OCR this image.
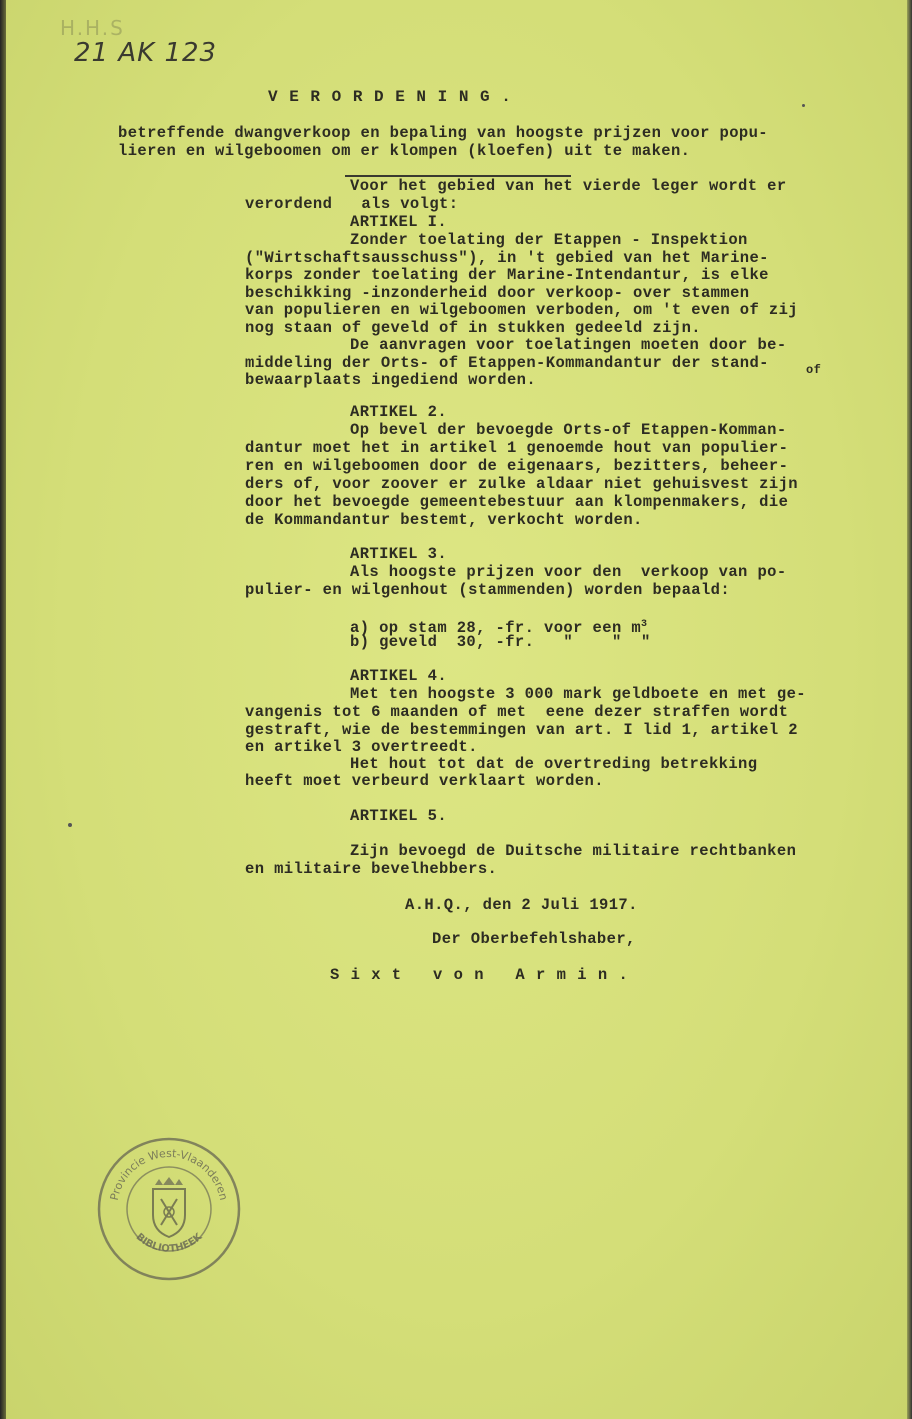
H.H.S
21 AK 123
V E R O R D E N I N G .
betreffende dwangverkoop en bepaling van hoogste prijzen voor popu-
lieren en wilgeboomen om er klompen (kloefen) uit te maken.
Voor het gebied van het vierde leger wordt er
verordend   als volgt:
ARTIKEL I.
Zonder toelating der Etappen - Inspektion
("Wirtschaftsausschuss"), in 't gebied van het Marine-
korps zonder toelating der Marine-Intendantur, is elke
beschikking -inzonderheid door verkoop- over stammen
van populieren en wilgeboomen verboden, om 't even of zij
nog staan of geveld of in stukken gedeeld zijn.
De aanvragen voor toelatingen moeten door be-
middeling der Orts- of Etappen-Kommandantur der stand-	of
bewaarplaats ingediend worden.
ARTIKEL 2.
Op bevel der bevoegde Orts-of Etappen-Komman-
dantur moet het in artikel 1 genoemde hout van populier-
ren en wilgeboomen door de eigenaars, bezitters, beheer-
ders of, voor zoover er zulke aldaar niet gehuisvest zijn
door het bevoegde gemeentebestuur aan klompenmakers, die
de Kommandantur bestemt, verkocht worden.
ARTIKEL 3.
Als hoogste prijzen voor den  verkoop van po-
pulier- en wilgenhout (stammenden) worden bepaald:
a) op stam 28, -fr. voor een $m^3$
b) geveld  30, -fr.   "    "  "
ARTIKEL 4.
Met ten hoogste 3 000 mark geldboete en met ge-
vangenis tot 6 maanden of met  eene dezer straffen wordt
gestraft, wie de bestemmingen van art. I lid 1, artikel 2
en artikel 3 overtreedt.
Het hout tot dat de overtreding betrekking
heeft moet verbeurd verklaart worden.
ARTIKEL 5.
Zijn bevoegd de Duitsche militaire rechtbanken
en militaire bevelhebbers.
A.H.Q., den 2 Juli 1917.
Der Oberbefehlshaber,
S i x t   v o n   A r m i n .
Provincie West-Vlaanderen
BIBLIOTHEEK
